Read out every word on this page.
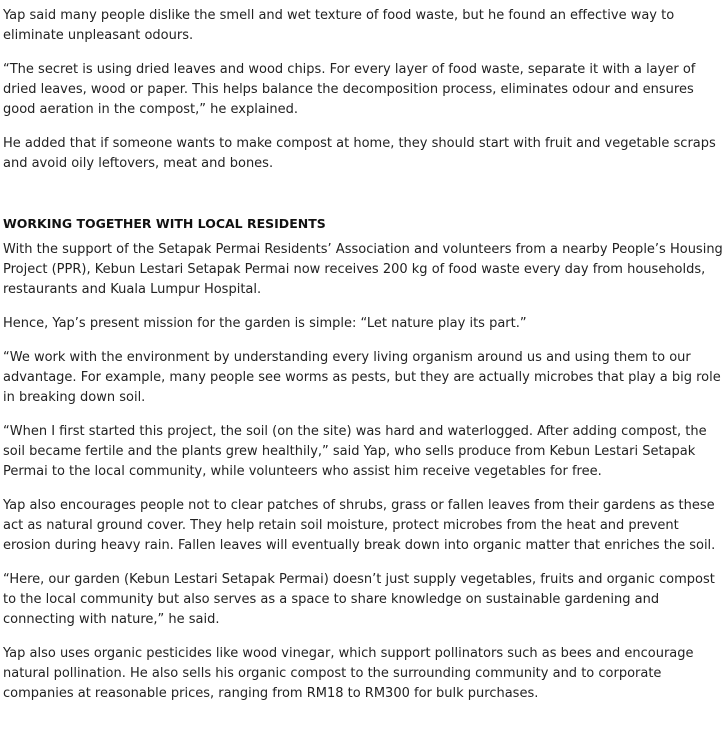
Yap said many people dislike the smell and wet texture of food waste, but he found an effective way to eliminate unpleasant odours.

“The secret is using dried leaves and wood chips. For every layer of food waste, separate it with a layer of dried leaves, wood or paper. This helps balance the decomposition process, eliminates odour and ensures good aeration in the compost,” he explained.

He added that if someone wants to make compost at home, they should start with fruit and vegetable scraps and avoid oily leftovers, meat and bones.

WORKING TOGETHER WITH LOCAL RESIDENTS

With the support of the Setapak Permai Residents’ Association and volunteers from a nearby People’s Housing Project (PPR), Kebun Lestari Setapak Permai now receives 200 kg of food waste every day from households, restaurants and Kuala Lumpur Hospital.

Hence, Yap’s present mission for the garden is simple: “Let nature play its part.”

“We work with the environment by understanding every living organism around us and using them to our advantage. For example, many people see worms as pests, but they are actually microbes that play a big role in breaking down soil.

“When I first started this project, the soil (on the site) was hard and waterlogged. After adding compost, the soil became fertile and the plants grew healthily,” said Yap, who sells produce from Kebun Lestari Setapak Permai to the local community, while volunteers who assist him receive vegetables for free.

Yap also encourages people not to clear patches of shrubs, grass or fallen leaves from their gardens as these act as natural ground cover. They help retain soil moisture, protect microbes from the heat and prevent erosion during heavy rain. Fallen leaves will eventually break down into organic matter that enriches the soil.

“Here, our garden (Kebun Lestari Setapak Permai) doesn’t just supply vegetables, fruits and organic compost to the local community but also serves as a space to share knowledge on sustainable gardening and connecting with nature,” he said.

Yap also uses organic pesticides like wood vinegar, which support pollinators such as bees and encourage natural pollination. He also sells his organic compost to the surrounding community and to corporate companies at reasonable prices, ranging from RM18 to RM300 for bulk purchases.
